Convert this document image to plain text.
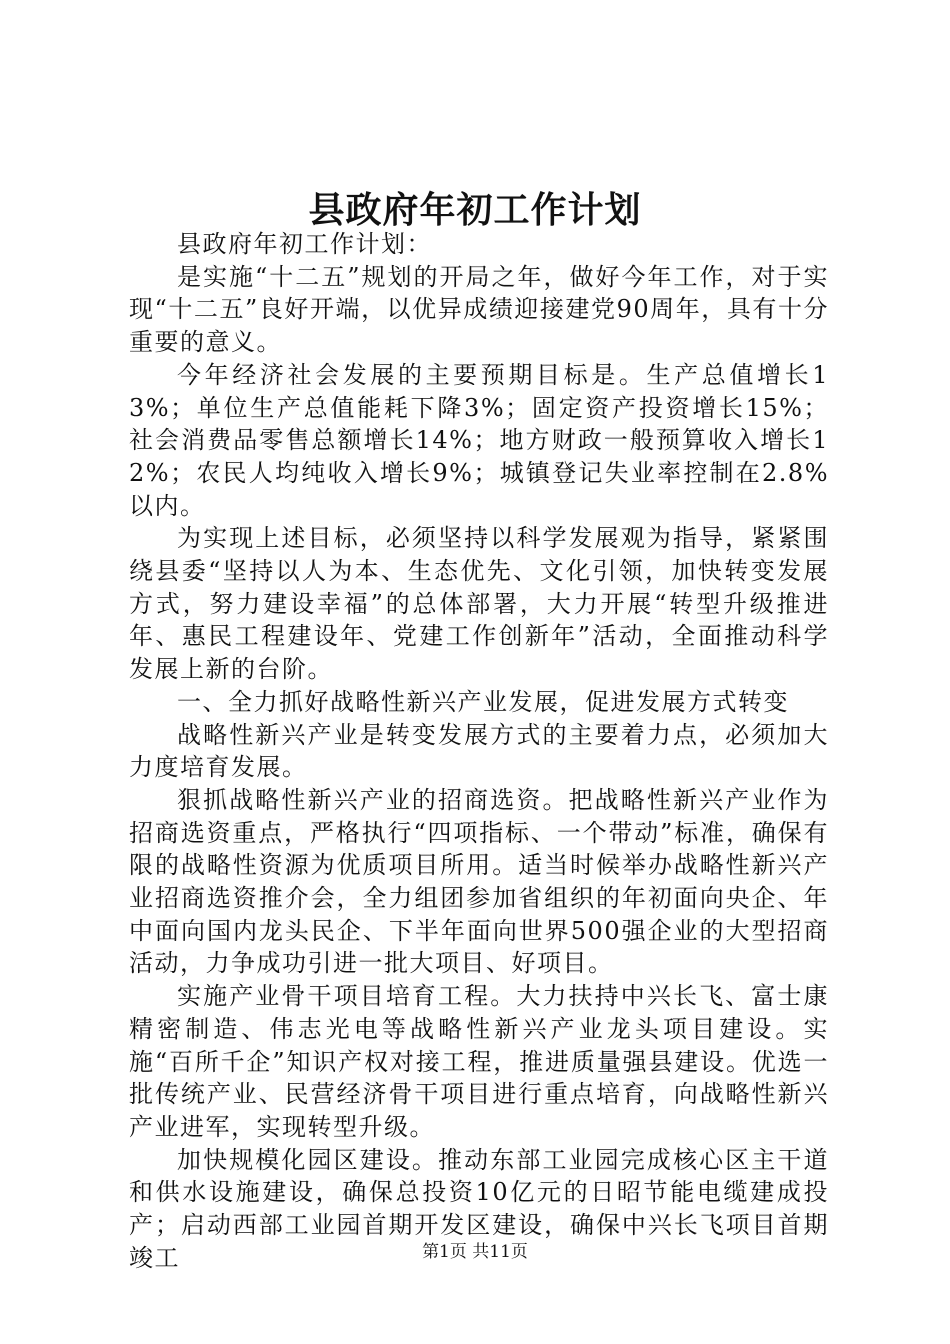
县政府年初工作计划

县政府年初工作计划：

是实施“十二五”规划的开局之年，做好今年工作，对于实现“十二五”良好开端，以优异成绩迎接建党90周年，具有十分重要的意义。

今年经济社会发展的主要预期目标是。生产总值增长13%；单位生产总值能耗下降3%；固定资产投资增长15%；社会消费品零售总额增长14%；地方财政一般预算收入增长12%；农民人均纯收入增长9%；城镇登记失业率控制在2.8%以内。

为实现上述目标，必须坚持以科学发展观为指导，紧紧围绕县委“坚持以人为本、生态优先、文化引领，加快转变发展方式，努力建设幸福”的总体部署，大力开展“转型升级推进年、惠民工程建设年、党建工作创新年”活动，全面推动科学发展上新的台阶。

一、全力抓好战略性新兴产业发展，促进发展方式转变

战略性新兴产业是转变发展方式的主要着力点，必须加大力度培育发展。

狠抓战略性新兴产业的招商选资。把战略性新兴产业作为招商选资重点，严格执行“四项指标、一个带动”标准，确保有限的战略性资源为优质项目所用。适当时候举办战略性新兴产业招商选资推介会，全力组团参加省组织的年初面向央企、年中面向国内龙头民企、下半年面向世界500强企业的大型招商活动，力争成功引进一批大项目、好项目。

实施产业骨干项目培育工程。大力扶持中兴长飞、富士康精密制造、伟志光电等战略性新兴产业龙头项目建设。实施“百所千企”知识产权对接工程，推进质量强县建设。优选一批传统产业、民营经济骨干项目进行重点培育，向战略性新兴产业进军，实现转型升级。

加快规模化园区建设。推动东部工业园完成核心区主干道和供水设施建设，确保总投资10亿元的日昭节能电缆建成投产；启动西部工业园首期开发区建设，确保中兴长飞项目首期竣工	第1页 共11页
